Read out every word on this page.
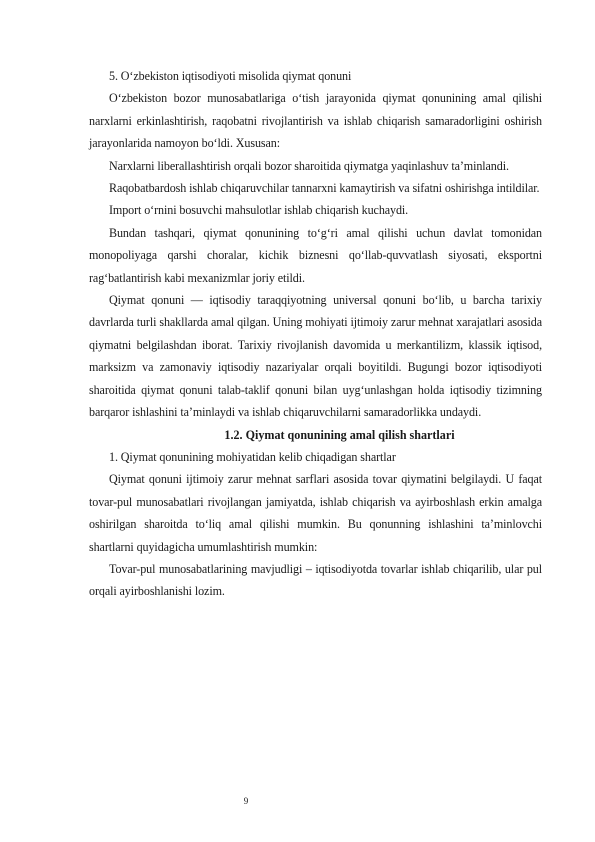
5. O‘zbekiston iqtisodiyoti misolida qiymat qonuni

O‘zbekiston bozor munosabatlariga o‘tish jarayonida qiymat qonunining amal qilishi narxlarni erkinlashtirish, raqobatni rivojlantirish va ishlab chiqarish samaradorligini oshirish jarayonlarida namoyon bo‘ldi. Xususan:

Narxlarni liberallashtirish orqali bozor sharoitida qiymatga yaqinlashuv ta’minlandi.

Raqobatbardosh ishlab chiqaruvchilar tannarxni kamaytirish va sifatni oshirishga intildilar.

Import o‘rnini bosuvchi mahsulotlar ishlab chiqarish kuchaydi.

Bundan tashqari, qiymat qonunining to‘g‘ri amal qilishi uchun davlat tomonidan monopoliyaga qarshi choralar, kichik biznesni qo‘llab-quvvatlash siyosati, eksportni rag‘batlantirish kabi mexanizmlar joriy etildi.

Qiymat qonuni — iqtisodiy taraqqiyotning universal qonuni bo‘lib, u barcha tarixiy davrlarda turli shakllarda amal qilgan. Uning mohiyati ijtimoiy zarur mehnat xarajatlari asosida qiymatni belgilashdan iborat. Tarixiy rivojlanish davomida u merkantilizm, klassik iqtisod, marksizm va zamonaviy iqtisodiy nazariyalar orqali boyitildi. Bugungi bozor iqtisodiyoti sharoitida qiymat qonuni talab-taklif qonuni bilan uyg‘unlashgan holda iqtisodiy tizimning barqaror ishlashini ta’minlaydi va ishlab chiqaruvchilarni samaradorlikka undaydi.

1.2. Qiymat qonunining amal qilish shartlari

1. Qiymat qonunining mohiyatidan kelib chiqadigan shartlar

Qiymat qonuni ijtimoiy zarur mehnat sarflari asosida tovar qiymatini belgilaydi. U faqat tovar-pul munosabatlari rivojlangan jamiyatda, ishlab chiqarish va ayirboshlash erkin amalga oshirilgan sharoitda to‘liq amal qilishi mumkin. Bu qonunning ishlashini ta’minlovchi shartlarni quyidagicha umumlashtirish mumkin:

Tovar-pul munosabatlarining mavjudligi – iqtisodiyotda tovarlar ishlab chiqarilib, ular pul orqali ayirboshlanishi lozim.

9
